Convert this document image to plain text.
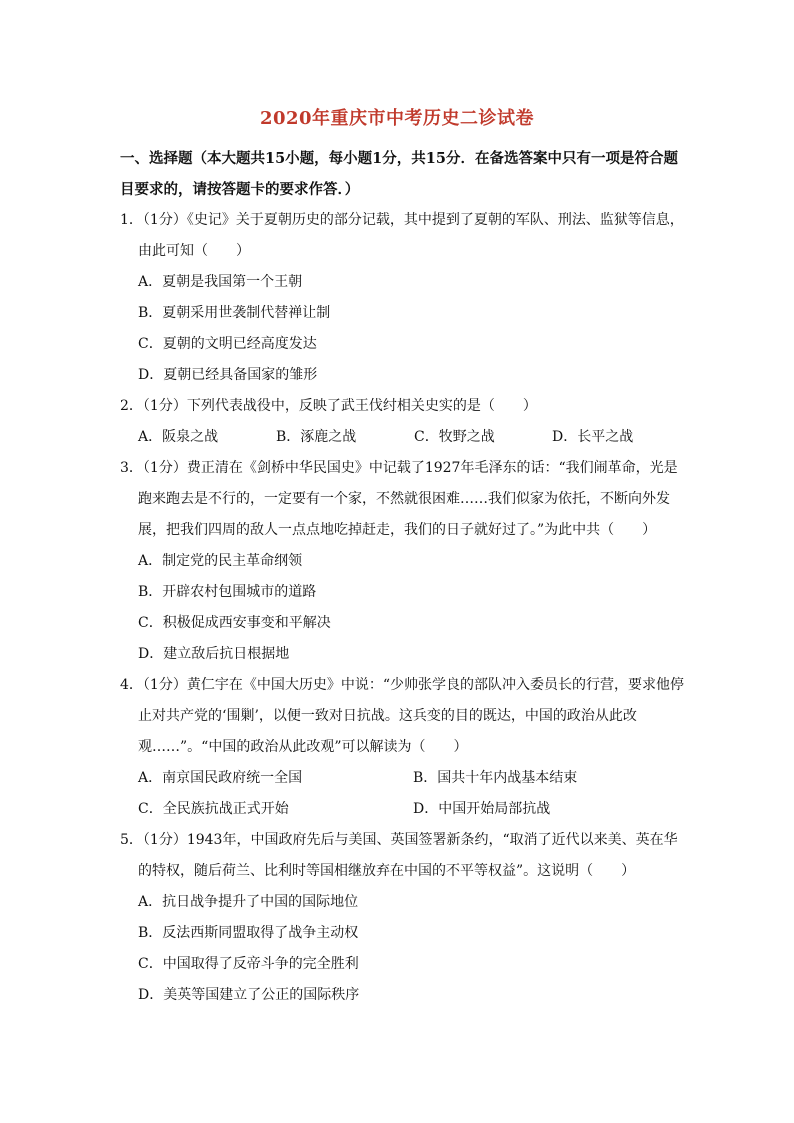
2020年重庆市中考历史二诊试卷
一、选择题（本大题共15小题，每小题1分，共15分．在备选答案中只有一项是符合题目要求的，请按答题卡的要求作答．）
1．（1分）《史记》关于夏朝历史的部分记载，其中提到了夏朝的军队、刑法、监狱等信息，由此可知（　　）
A．夏朝是我国第一个王朝
B．夏朝采用世袭制代替禅让制
C．夏朝的文明已经高度发达
D．夏朝已经具备国家的雏形
2．（1分）下列代表战役中，反映了武王伐纣相关史实的是（　　）
A．阪泉之战	B．涿鹿之战	C．牧野之战	D．长平之战
3．（1分）费正清在《剑桥中华民国史》中记载了1927年毛泽东的话：“我们闹革命，光是跑来跑去是不行的，一定要有一个家，不然就很困难……我们似家为依托，不断向外发展，把我们四周的敌人一点点地吃掉赶走，我们的日子就好过了。”为此中共（　　）
A．制定党的民主革命纲领
B．开辟农村包围城市的道路
C．积极促成西安事变和平解决
D．建立敌后抗日根据地
4．（1分）黄仁宇在《中国大历史》中说：“少帅张学良的部队冲入委员长的行营，要求他停止对共产党的‘围剿’，以便一致对日抗战。这兵变的目的既达，中国的政治从此改观……”。“中国的政治从此改观”可以解读为（　　）
A．南京国民政府统一全国	B．国共十年内战基本结束
C．全民族抗战正式开始	D．中国开始局部抗战
5．（1分）1943年，中国政府先后与美国、英国签署新条约，“取消了近代以来美、英在华的特权，随后荷兰、比利时等国相继放弃在中国的不平等权益”。这说明（　　）
A．抗日战争提升了中国的国际地位
B．反法西斯同盟取得了战争主动权
C．中国取得了反帝斗争的完全胜利
D．美英等国建立了公正的国际秩序
